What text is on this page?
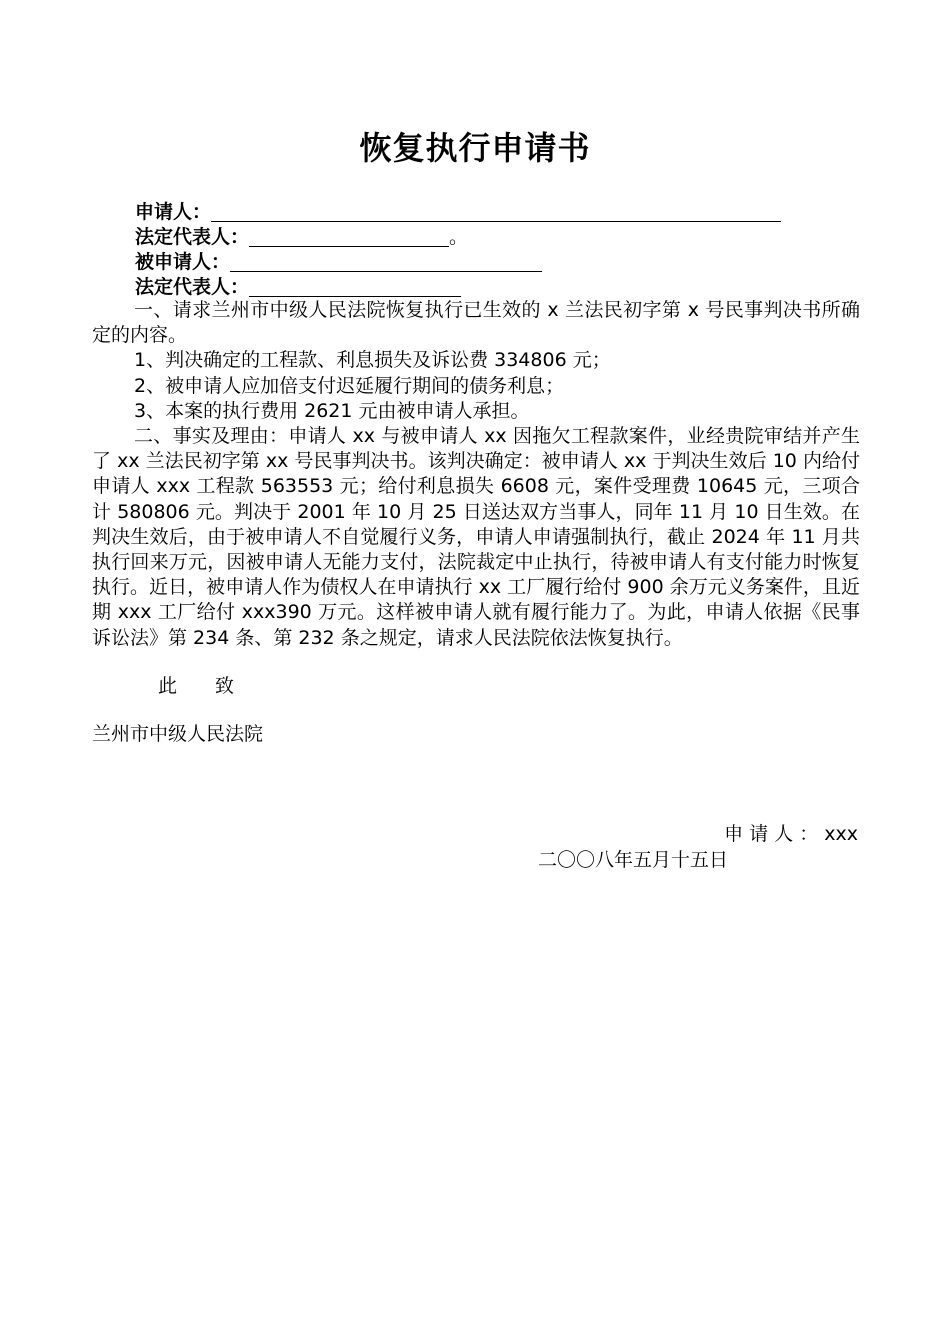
恢复执行申请书
申请人：
法定代表人：	。
被申请人：
法定代表人：

一、请求兰州市中级人民法院恢复执行已生效的 x 兰法民初字第 x 号民事判决书所确定的内容。

1、判决确定的工程款、利息损失及诉讼费 334806 元；

2、被申请人应加倍支付迟延履行期间的债务利息；

3、本案的执行费用 2621 元由被申请人承担。

二、事实及理由：申请人 xx 与被申请人 xx 因拖欠工程款案件，业经贵院审结并产生了 xx 兰法民初字第 xx 号民事判决书。该判决确定：被申请人 xx 于判决生效后 10 内给付申请人 xxx 工程款 563553 元；给付利息损失 6608 元，案件受理费 10645 元，三项合计 580806 元。判决于 2001 年 10 月 25 日送达双方当事人，同年 11 月 10 日生效。在判决生效后，由于被申请人不自觉履行义务，申请人申请强制执行，截止 2024 年 11 月共执行回来万元，因被申请人无能力支付，法院裁定中止执行，待被申请人有支付能力时恢复执行。近日，被申请人作为债权人在申请执行 xx 工厂履行给付 900 余万元义务案件，且近期 xxx 工厂给付 xxx390 万元。这样被申请人就有履行能力了。为此，申请人依据《民事诉讼法》第 234 条、第 232 条之规定，请求人民法院依法恢复执行。

此　　致
兰州市中级人民法院
申 请 人 ： xxx
二〇〇八年五月十五日
